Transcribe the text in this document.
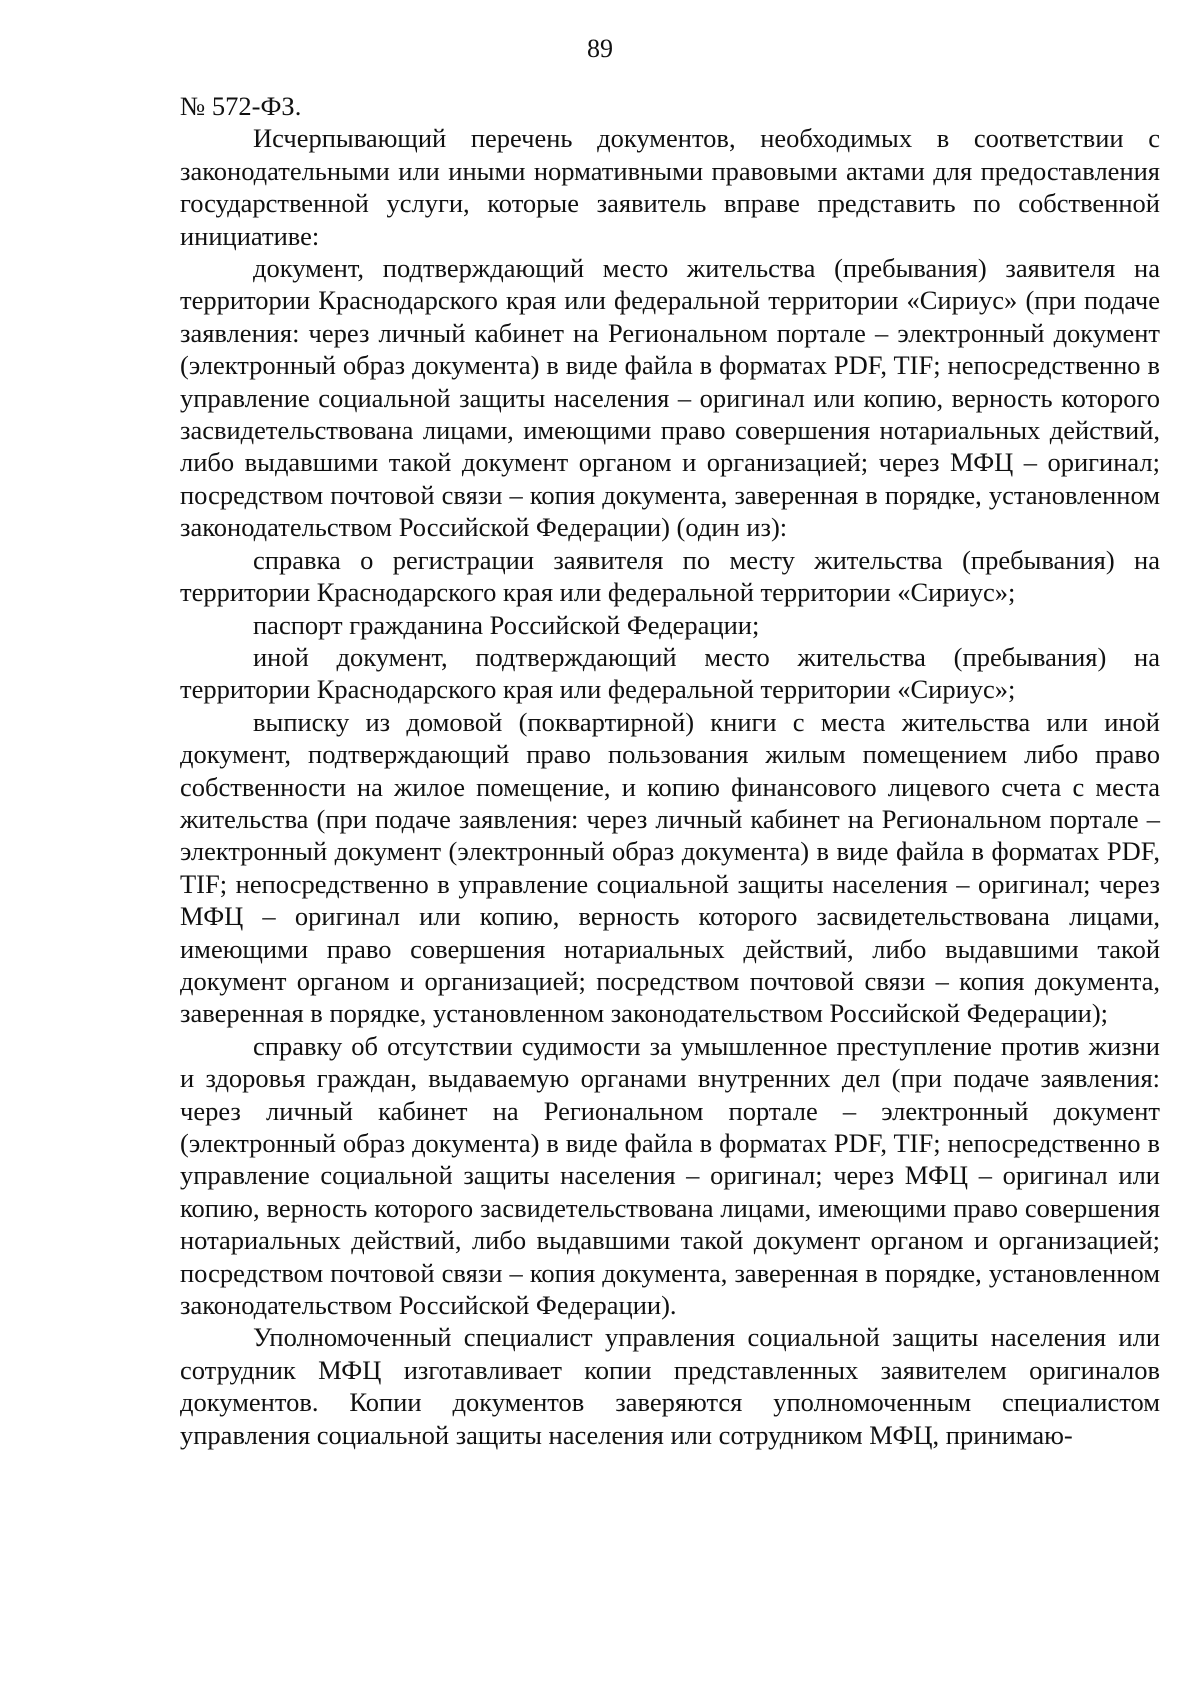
89

№ 572-ФЗ.

Исчерпывающий перечень документов, необходимых в соответствии с законодательными или иными нормативными правовыми актами для предоставления государственной услуги, которые заявитель вправе представить по собственной инициативе:

документ, подтверждающий место жительства (пребывания) заявителя на территории Краснодарского края или федеральной территории «Сириус» (при подаче заявления: через личный кабинет на Региональном портале – электронный документ (электронный образ документа) в виде файла в форматах PDF, TIF; непосредственно в управление социальной защиты населения – оригинал или копию, верность которого засвидетельствована лицами, имеющими право совершения нотариальных действий, либо выдавшими такой документ органом и организацией; через МФЦ – оригинал; посредством почтовой связи – копия документа, заверенная в порядке, установленном законодательством Российской Федерации) (один из):

справка о регистрации заявителя по месту жительства (пребывания) на территории Краснодарского края или федеральной территории «Сириус»;

паспорт гражданина Российской Федерации;

иной документ, подтверждающий место жительства (пребывания) на территории Краснодарского края или федеральной территории «Сириус»;

выписку из домовой (поквартирной) книги с места жительства или иной документ, подтверждающий право пользования жилым помещением либо право собственности на жилое помещение, и копию финансового лицевого счета с места жительства (при подаче заявления: через личный кабинет на Региональном портале – электронный документ (электронный образ документа) в виде файла в форматах PDF, TIF; непосредственно в управление социальной защиты населения – оригинал; через МФЦ – оригинал или копию, верность которого засвидетельствована лицами, имеющими право совершения нотариальных действий, либо выдавшими такой документ органом и организацией; посредством почтовой связи – копия документа, заверенная в порядке, установленном законодательством Российской Федерации);

справку об отсутствии судимости за умышленное преступление против жизни и здоровья граждан, выдаваемую органами внутренних дел (при подаче заявления: через личный кабинет на Региональном портале – электронный документ (электронный образ документа) в виде файла в форматах PDF, TIF; непосредственно в управление социальной защиты населения – оригинал; через МФЦ – оригинал или копию, верность которого засвидетельствована лицами, имеющими право совершения нотариальных действий, либо выдавшими такой документ органом и организацией; посредством почтовой связи – копия документа, заверенная в порядке, установленном законодательством Российской Федерации).

Уполномоченный специалист управления социальной защиты населения или сотрудник МФЦ изготавливает копии представленных заявителем оригиналов документов. Копии документов заверяются уполномоченным специалистом управления социальной защиты населения или сотрудником МФЦ, принимаю-
